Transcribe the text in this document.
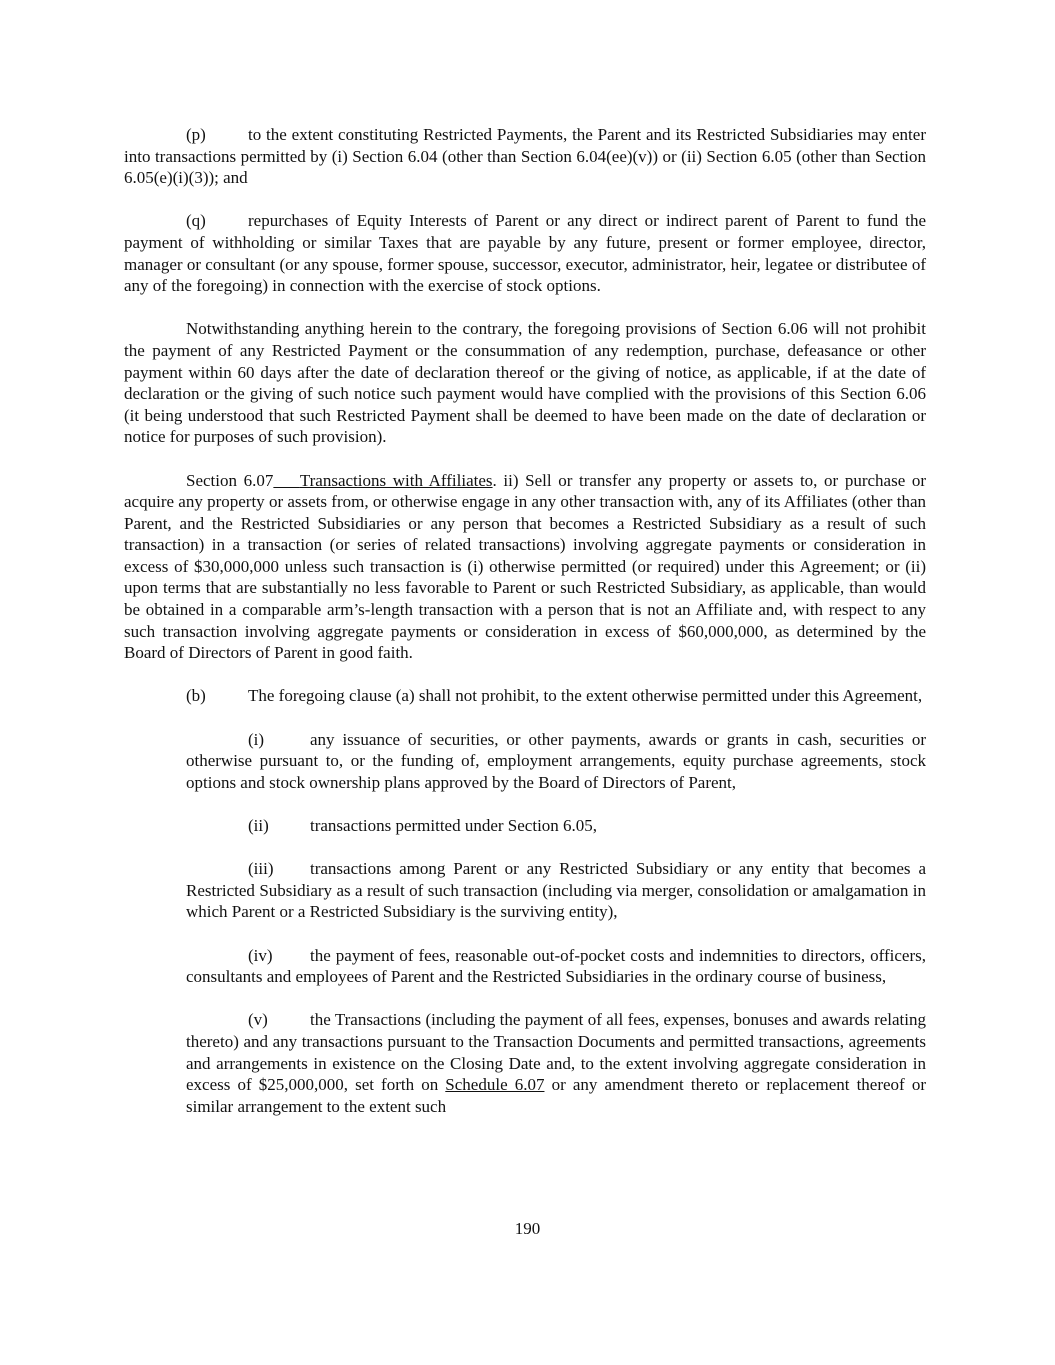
(p) to the extent constituting Restricted Payments, the Parent and its Restricted Subsidiaries may enter into transactions permitted by (i) Section 6.04 (other than Section 6.04(ee)(v)) or (ii) Section 6.05 (other than Section 6.05(e)(i)(3)); and

(q) repurchases of Equity Interests of Parent or any direct or indirect parent of Parent to fund the payment of withholding or similar Taxes that are payable by any future, present or former employee, director, manager or consultant (or any spouse, former spouse, successor, executor, administrator, heir, legatee or distributee of any of the foregoing) in connection with the exercise of stock options.

Notwithstanding anything herein to the contrary, the foregoing provisions of Section 6.06 will not prohibit the payment of any Restricted Payment or the consummation of any redemption, purchase, defeasance or other payment within 60 days after the date of declaration thereof or the giving of notice, as applicable, if at the date of declaration or the giving of such notice such payment would have complied with the provisions of this Section 6.06 (it being understood that such Restricted Payment shall be deemed to have been made on the date of declaration or notice for purposes of such provision).

Section 6.07 Transactions with Affiliates. ii) Sell or transfer any property or assets to, or purchase or acquire any property or assets from, or otherwise engage in any other transaction with, any of its Affiliates (other than Parent, and the Restricted Subsidiaries or any person that becomes a Restricted Subsidiary as a result of such transaction) in a transaction (or series of related transactions) involving aggregate payments or consideration in excess of $30,000,000 unless such transaction is (i) otherwise permitted (or required) under this Agreement; or (ii) upon terms that are substantially no less favorable to Parent or such Restricted Subsidiary, as applicable, than would be obtained in a comparable arm’s-length transaction with a person that is not an Affiliate and, with respect to any such transaction involving aggregate payments or consideration in excess of $60,000,000, as determined by the Board of Directors of Parent in good faith.

(b) The foregoing clause (a) shall not prohibit, to the extent otherwise permitted under this Agreement,

(i)	any issuance of securities, or other payments, awards or grants in cash, securities or otherwise pursuant to, or the funding of, employment arrangements, equity purchase agreements, stock options and stock ownership plans approved by the Board of Directors of Parent,

(ii) transactions permitted under Section 6.05,

(iii) transactions among Parent or any Restricted Subsidiary or any entity that becomes a Restricted Subsidiary as a result of such transaction (including via merger, consolidation or amalgamation in which Parent or a Restricted Subsidiary is the surviving entity),

(iv) the payment of fees, reasonable out-of-pocket costs and indemnities to directors, officers, consultants and employees of Parent and the Restricted Subsidiaries in the ordinary course of business,

(v) the Transactions (including the payment of all fees, expenses, bonuses and awards relating thereto) and any transactions pursuant to the Transaction Documents and permitted transactions, agreements and arrangements in existence on the Closing Date and, to the extent involving aggregate consideration in excess of $25,000,000, set forth on Schedule 6.07 or any amendment thereto or replacement thereof or similar arrangement to the extent such

190
